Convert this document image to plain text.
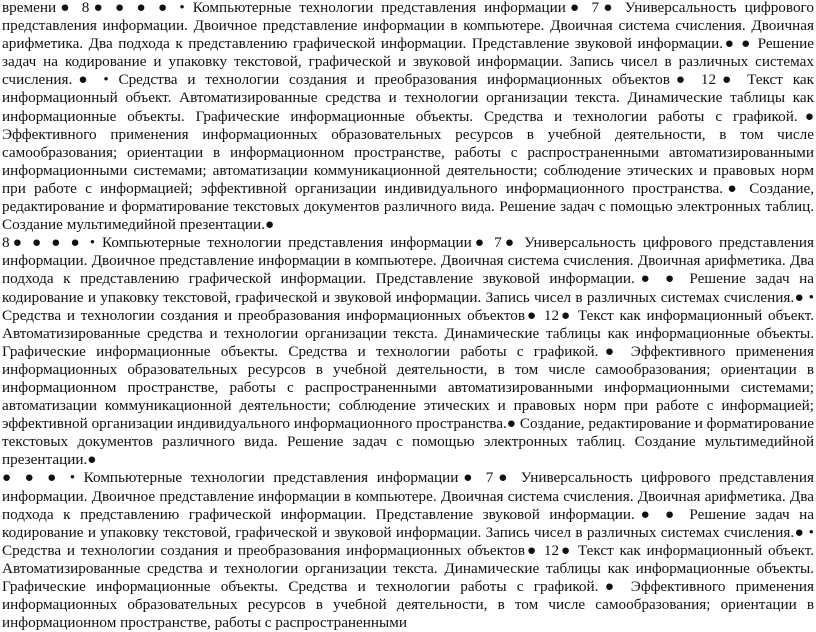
времени● 8● ● ● ● • Компьютерные технологии представления информации● 7● Универсальность цифрового представления информации. Двоичное представление информации в компьютере. Двоичная система счисления. Двоичная арифметика. Два подхода к представлению графической информации. Представление звуковой информации.● ● Решение задач на кодирование и упаковку текстовой, графической и звуковой информации. Запись чисел в различных системах счисления.● • Средства и технологии создания и преобразования информационных объектов● 12● Текст как информационный объект. Автоматизированные средства и технологии организации текста. Динамические таблицы как информационные объекты. Графические информационные объекты. Средства и технологии работы с графикой.● Эффективного применения информационных образовательных ресурсов в учебной деятельности, в том числе самообразования; ориентации в информационном пространстве, работы с распространенными автоматизированными информационными системами; автоматизации коммуникационной деятельности; соблюдение этических и правовых норм при работе с информацией; эффективной организации индивидуального информационного пространства.● Создание, редактирование и форматирование текстовых документов различного вида. Решение задач с помощью электронных таблиц. Создание мультимедийной презентации.●

8● ● ● ● • Компьютерные технологии представления информации● 7● Универсальность цифрового представления информации. Двоичное представление информации в компьютере. Двоичная система счисления. Двоичная арифметика. Два подхода к представлению графической информации. Представление звуковой информации.● ● Решение задач на кодирование и упаковку текстовой, графической и звуковой информации. Запись чисел в различных системах счисления.● • Средства и технологии создания и преобразования информационных объектов● 12● Текст как информационный объект. Автоматизированные средства и технологии организации текста. Динамические таблицы как информационные объекты. Графические информационные объекты. Средства и технологии работы с графикой.● Эффективного применения информационных образовательных ресурсов в учебной деятельности, в том числе самообразования; ориентации в информационном пространстве, работы с распространенными автоматизированными информационными системами; автоматизации коммуникационной деятельности; соблюдение этических и правовых норм при работе с информацией; эффективной организации индивидуального информационного пространства.● Создание, редактирование и форматирование текстовых документов различного вида. Решение задач с помощью электронных таблиц. Создание мультимедийной презентации.●

● ● ● • Компьютерные технологии представления информации● 7● Универсальность цифрового представления информации. Двоичное представление информации в компьютере. Двоичная система счисления. Двоичная арифметика. Два подхода к представлению графической информации. Представление звуковой информации.● ● Решение задач на кодирование и упаковку текстовой, графической и звуковой информации. Запись чисел в различных системах счисления.● • Средства и технологии создания и преобразования информационных объектов● 12● Текст как информационный объект. Автоматизированные средства и технологии организации текста. Динамические таблицы как информационные объекты. Графические информационные объекты. Средства и технологии работы с графикой.● Эффективного применения информационных образовательных ресурсов в учебной деятельности, в том числе самообразования; ориентации в информационном пространстве, работы с распространенными
